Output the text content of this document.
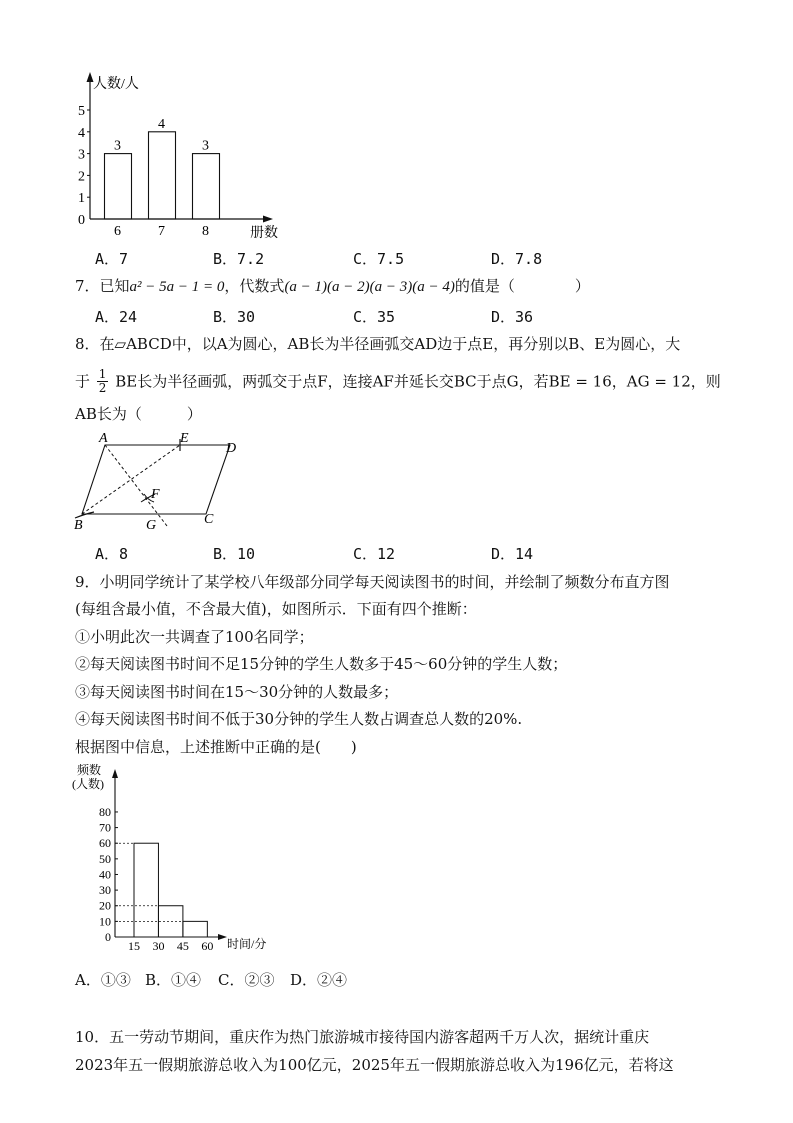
人数/人
册数
0
1
2
3
4
5
3
6
4
7
3
8
A．7	B．7.2	C．7.5	D．7.8
7．已知a² − 5a − 1 = 0，代数式(a − 1)(a − 2)(a − 3)(a − 4)的值是（　　　　）
A．24	B．30	C．35	D．36
8．在▱ABCD中，以A为圆心，AB长为半径画弧交AD边于点E，再分别以B、E为圆心，大
于 $\frac{1}{2}$ BE长为半径画弧，两弧交于点F，连接AF并延长交BC于点G，若BE = 16，AG = 12，则
AB长为（　　　）
A	E
D
F
B	G	C
A．8	B．10	C．12	D．14
9．小明同学统计了某学校八年级部分同学每天阅读图书的时间，并绘制了频数分布直方图
(每组含最小值，不含最大值)，如图所示．下面有四个推断：
①小明此次一共调查了100名同学；
②每天阅读图书时间不足15分钟的学生人数多于45～60分钟的学生人数；
③每天阅读图书时间在15～30分钟的人数最多；
④每天阅读图书时间不低于30分钟的学生人数占调查总人数的20%.
根据图中信息，上述推断中正确的是(　　)
频数
(人数)
时间/分
0
10
20
30
40
50
60
70
80
15 30 45 60
A．①③ B．①④ C．②③ D．②④
10．五一劳动节期间，重庆作为热门旅游城市接待国内游客超两千万人次，据统计重庆
2023年五一假期旅游总收入为100亿元，2025年五一假期旅游总收入为196亿元，若将这
